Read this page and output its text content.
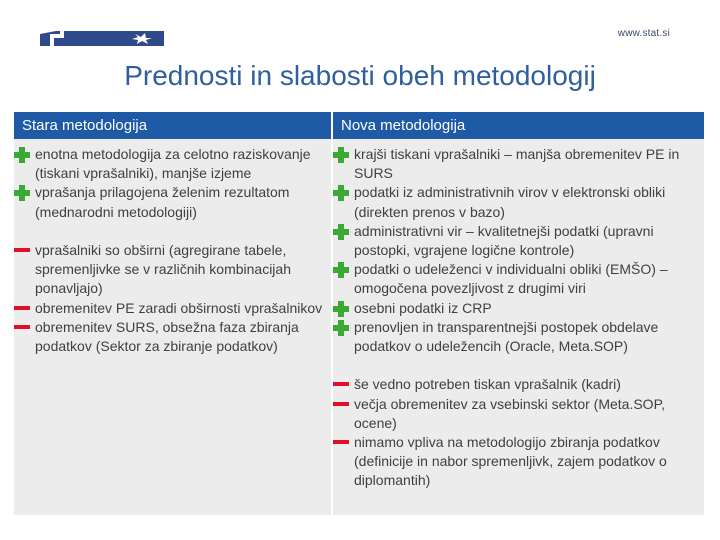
www.stat.si
Prednosti in slabosti obeh metodologij
Stara metodologija
enotna metodologija za celotno raziskovanje (tiskani vprašalniki), manjše izjeme
vprašanja prilagojena želenim rezultatom (mednarodni metodologiji)
vprašalniki so obširni (agregirane tabele, spremenljivke se v različnih kombinacijah ponavljajo)
obremenitev PE zaradi obširnosti vprašalnikov
obremenitev SURS, obsežna faza zbiranja podatkov (Sektor za zbiranje podatkov)
Nova metodologija
krajši tiskani vprašalniki – manjša obremenitev PE in SURS
podatki iz administrativnih virov v elektronski obliki (direkten prenos v bazo)
administrativni vir – kvalitetnejši podatki (upravni postopki, vgrajene logične kontrole)
podatki o udeleženci v individualni obliki (EMŠO) – omogočena povezljivost z drugimi viri
osebni podatki iz CRP
prenovljen in transparentnejši postopek obdelave podatkov o udeležencih (Oracle, Meta.SOP)
še vedno potreben tiskan vprašalnik (kadri)
večja obremenitev za vsebinski sektor (Meta.SOP, ocene)
nimamo vpliva na metodologijo zbiranja podatkov (definicije in nabor spremenljivk, zajem podatkov o diplomantih)
